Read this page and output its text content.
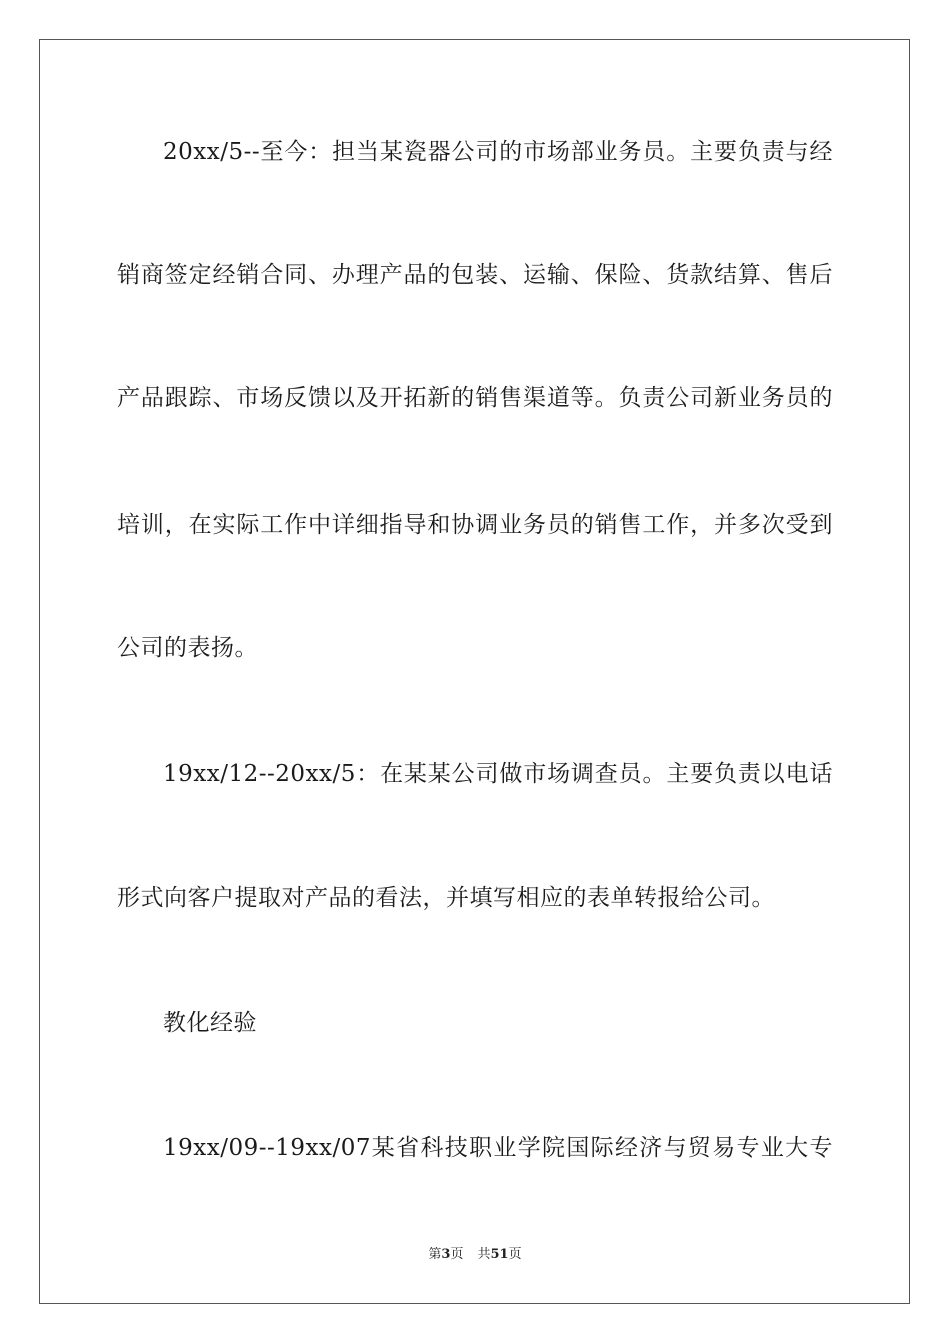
20xx/5--至今：担当某瓷器公司的市场部业务员。主要负责与经
销商签定经销合同、办理产品的包装、运输、保险、货款结算、售后
产品跟踪、市场反馈以及开拓新的销售渠道等。负责公司新业务员的
培训，在实际工作中详细指导和协调业务员的销售工作，并多次受到
公司的表扬。
19xx/12--20xx/5：在某某公司做市场调查员。主要负责以电话
形式向客户提取对产品的看法，并填写相应的表单转报给公司。
教化经验
19xx/09--19xx/07某省科技职业学院国际经济与贸易专业大专
第3页 共51页
